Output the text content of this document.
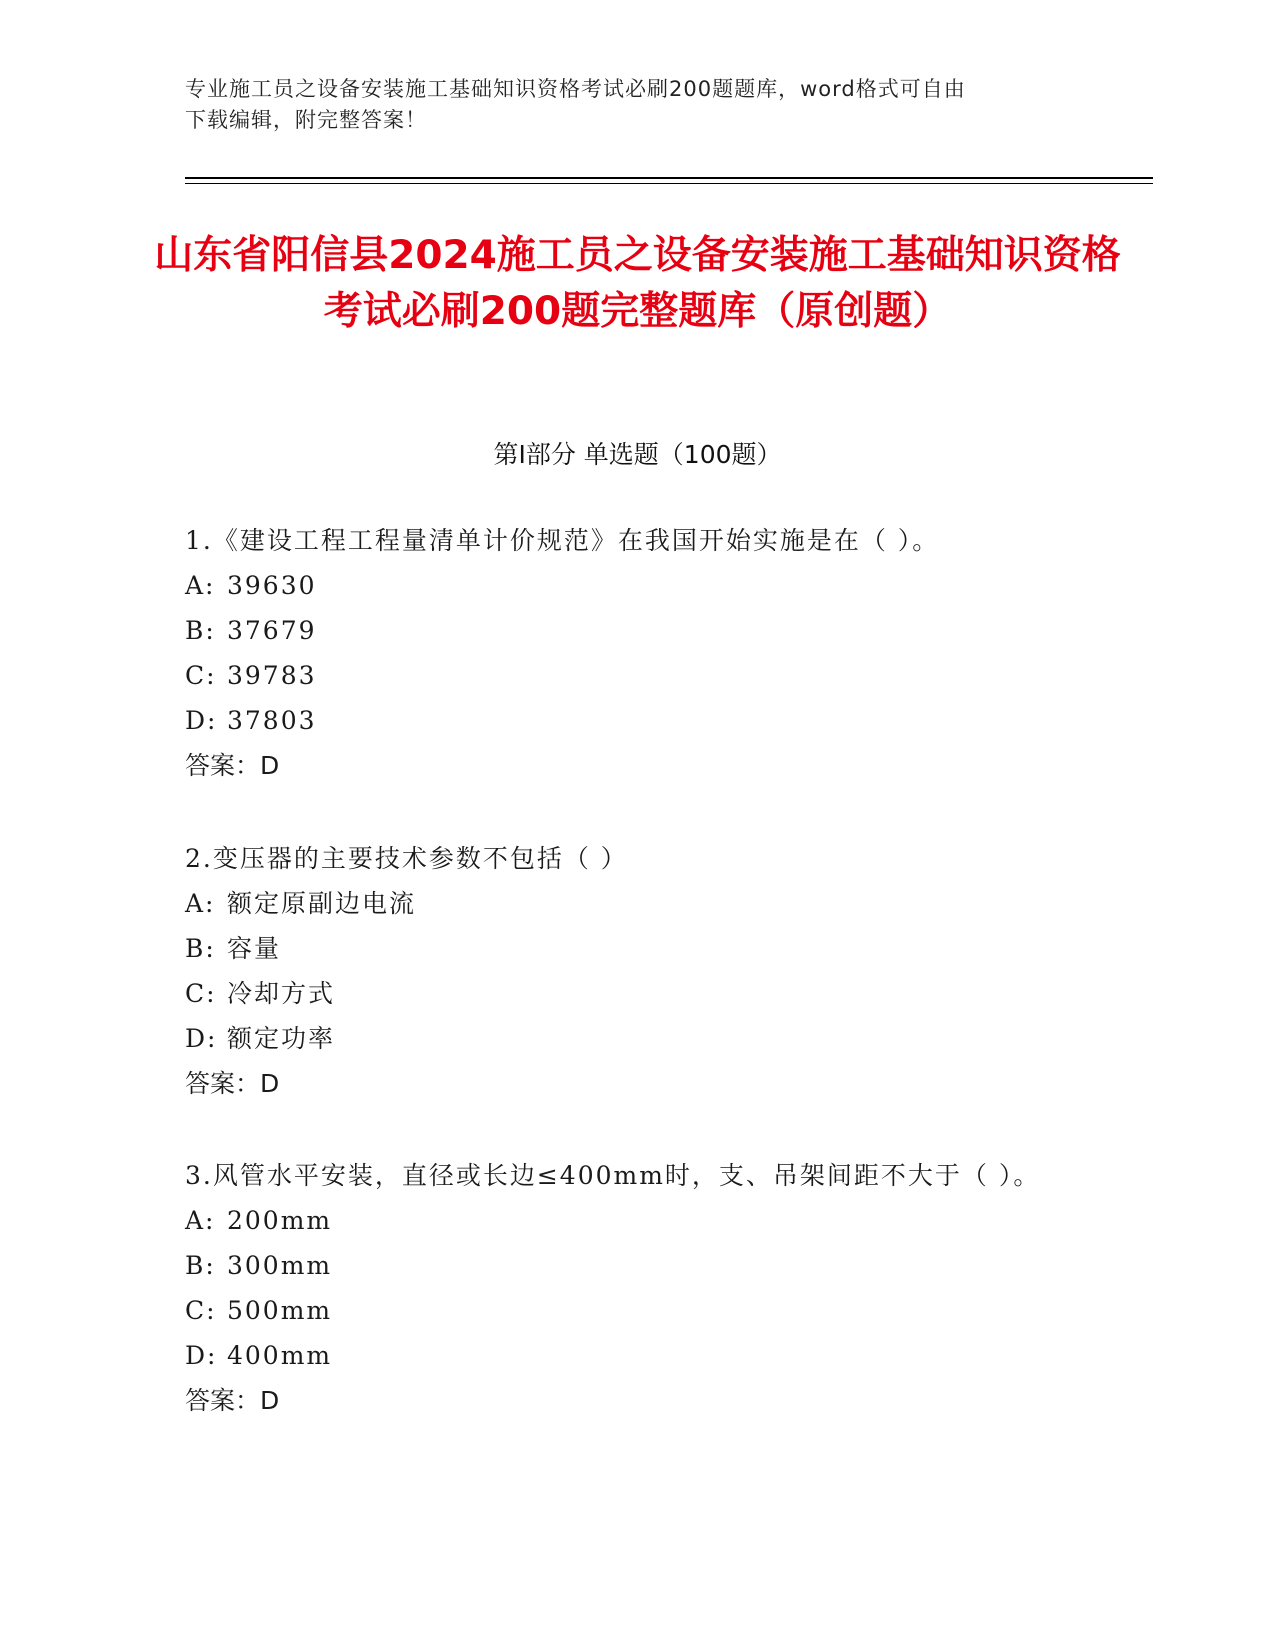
专业施工员之设备安装施工基础知识资格考试必刷200题题库，word格式可自由
下载编辑，附完整答案！
山东省阳信县2024施工员之设备安装施工基础知识资格考试必刷200题完整题库（原创题）
第Ⅰ部分 单选题（100题）
1.《建设工程工程量清单计价规范》在我国开始实施是在（ ）。
A: 39630
B: 37679
C: 39783
D: 37803
答案：D
2.变压器的主要技术参数不包括（ ）
A: 额定原副边电流
B: 容量
C: 冷却方式
D: 额定功率
答案：D
3.风管水平安装，直径或长边≤400mm时，支、吊架间距不大于（ ）。
A: 200mm
B: 300mm
C: 500mm
D: 400mm
答案：D
